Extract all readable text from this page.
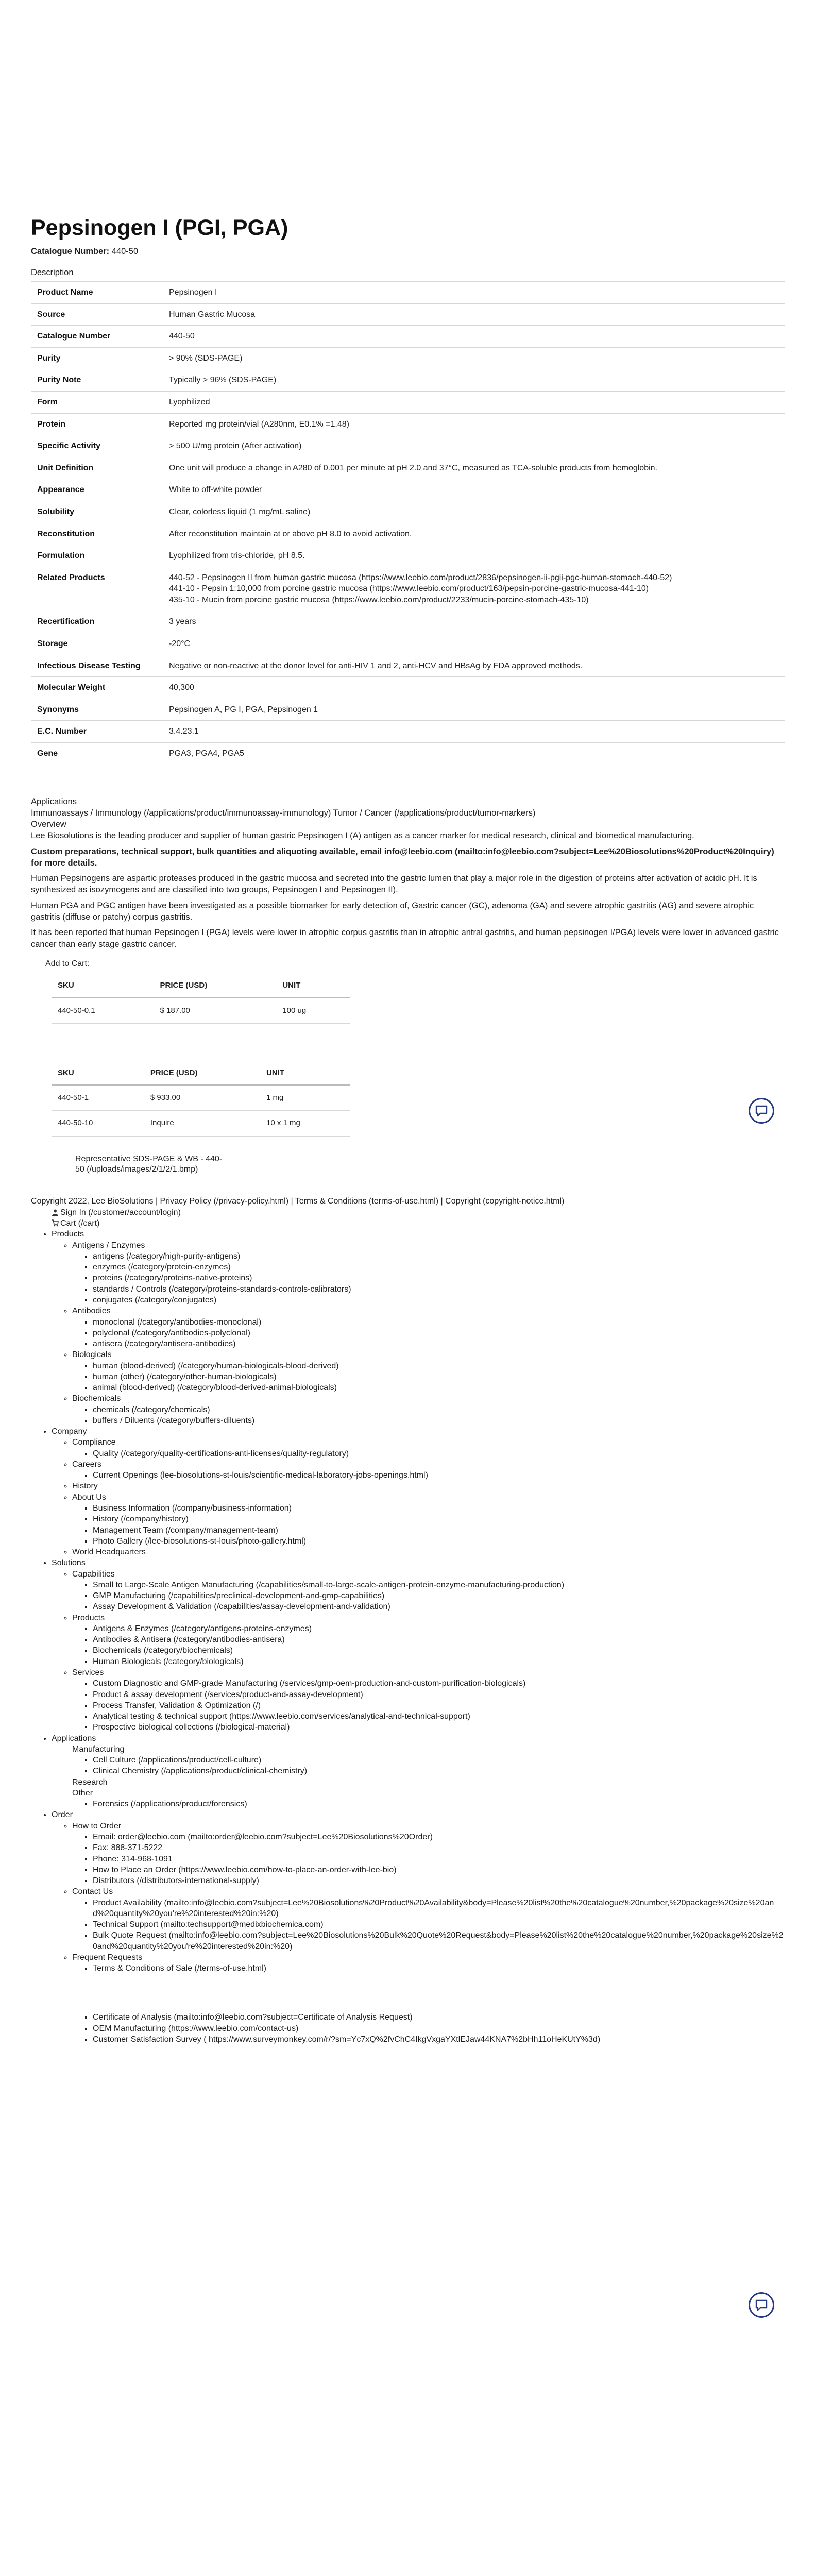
Pepsinogen I (PGI, PGA)
Catalogue Number: 440-50
Description
Product Name	Pepsinogen I
Source	Human Gastric Mucosa
Catalogue Number	440-50
Purity	> 90% (SDS-PAGE)
Purity Note	Typically > 96% (SDS-PAGE)
Form	Lyophilized
Protein	Reported mg protein/vial (A280nm, E0.1% =1.48)
Specific Activity	> 500 U/mg protein (After activation)
Unit Definition	One unit will produce a change in A280 of 0.001 per minute at pH 2.0 and 37°C, measured as TCA-soluble products from hemoglobin.
Appearance	White to off-white powder
Solubility	Clear, colorless liquid (1 mg/mL saline)
Reconstitution	After reconstitution maintain at or above pH 8.0 to avoid activation.
Formulation	Lyophilized from tris-chloride, pH 8.5.
Related Products	440-52 - Pepsinogen II from human gastric mucosa (https://www.leebio.com/product/2836/pepsinogen-ii-pgii-pgc-human-stomach-440-52)
441-10 - Pepsin 1:10,000 from porcine gastric mucosa (https://www.leebio.com/product/163/pepsin-porcine-gastric-mucosa-441-10)
435-10 - Mucin from porcine gastric mucosa (https://www.leebio.com/product/2233/mucin-porcine-stomach-435-10)

Recertification	3 years
Storage	-20°C
Infectious Disease Testing	Negative or non-reactive at the donor level for anti-HIV 1 and 2, anti-HCV and HBsAg by FDA approved methods.
Molecular Weight	40,300
Synonyms	Pepsinogen A, PG I, PGA, Pepsinogen 1
E.C. Number	3.4.23.1
Gene	PGA3, PGA4, PGA5
Applications
Immunoassays / Immunology (/applications/product/immunoassay-immunology) Tumor / Cancer (/applications/product/tumor-markers)
Overview

Lee Biosolutions is the leading producer and supplier of human gastric Pepsinogen I (A) antigen as a cancer marker for medical research, clinical and biomedical manufacturing.

Custom preparations, technical support, bulk quantities and aliquoting available, email info@leebio.com (mailto:info@leebio.com?subject=Lee%20Biosolutions%20Product%20Inquiry) for more details.

Human Pepsinogens are aspartic proteases produced in the gastric mucosa and secreted into the gastric lumen that play a major role in the digestion of proteins after activation of acidic pH. It is synthesized as isozymogens and are classified into two groups, Pepsinogen I and Pepsinogen II).

Human PGA and PGC antigen have been investigated as a possible biomarker for early detection of, Gastric cancer (GC), adenoma (GA) and severe atrophic gastritis (AG) and severe atrophic gastritis (diffuse or patchy) corpus gastritis.

It has been reported that human Pepsinogen I (PGA) levels were lower in atrophic corpus gastritis than in atrophic antral gastritis, and human pepsinogen I/PGA) levels were lower in advanced gastric cancer than early stage gastric cancer.

Add to Cart:
SKU	PRICE (USD)	UNIT
440-50-0.1	$ 187.00	100 ug
SKU	PRICE (USD)	UNIT
440-50-1	$ 933.00	1 mg
440-50-10	Inquire	10 x 1 mg
Representative SDS-PAGE & WB - 440-50 (/uploads/images/2/1/2/1.bmp)
Copyright 2022, Lee BioSolutions | Privacy Policy (/privacy-policy.html) | Terms & Conditions (terms-of-use.html) | Copyright (copyright-notice.html)
Sign In (/customer/account/login)
Cart (/cart)
• Products
◦ Antigens / Enzymes
▪ antigens (/category/high-purity-antigens)
▪ enzymes (/category/protein-enzymes)
▪ proteins (/category/proteins-native-proteins)
▪ standards / Controls (/category/proteins-standards-controls-calibrators)
▪ conjugates (/category/conjugates)
◦ Antibodies
▪ monoclonal (/category/antibodies-monoclonal)
▪ polyclonal (/category/antibodies-polyclonal)
▪ antisera (/category/antisera-antibodies)
◦ Biologicals
▪ human (blood-derived) (/category/human-biologicals-blood-derived)
▪ human (other) (/category/other-human-biologicals)
▪ animal (blood-derived) (/category/blood-derived-animal-biologicals)
◦ Biochemicals
▪ chemicals (/category/chemicals)
▪ buffers / Diluents (/category/buffers-diluents)
• Company
◦ Compliance
▪ Quality (/category/quality-certifications-anti-licenses/quality-regulatory)
◦ Careers
▪ Current Openings (lee-biosolutions-st-louis/scientific-medical-laboratory-jobs-openings.html)
◦ History
◦ About Us
▪ Business Information (/company/business-information)
▪ History (/company/history)
▪ Management Team (/company/management-team)
▪ Photo Gallery (/lee-biosolutions-st-louis/photo-gallery.html)
◦ World Headquarters
• Solutions
◦ Capabilities
▪ Small to Large-Scale Antigen Manufacturing (/capabilities/small-to-large-scale-antigen-protein-enzyme-manufacturing-production)
▪ GMP Manufacturing (/capabilities/preclinical-development-and-gmp-capabilities)
▪ Assay Development & Validation (/capabilities/assay-development-and-validation)
◦ Products
▪ Antigens & Enzymes (/category/antigens-proteins-enzymes)
▪ Antibodies & Antisera (/category/antibodies-antisera)
▪ Biochemicals (/category/biochemicals)
▪ Human Biologicals (/category/biologicals)
◦ Services
▪ Custom Diagnostic and GMP-grade Manufacturing (/services/gmp-oem-production-and-custom-purification-biologicals)
▪ Product & assay development (/services/product-and-assay-development)
▪ Process Transfer, Validation & Optimization (/)
▪ Analytical testing & technical support (https://www.leebio.com/services/analytical-and-technical-support)
▪ Prospective biological collections (/biological-material)
• Applications
Manufacturing
▪ Cell Culture (/applications/product/cell-culture)
▪ Clinical Chemistry (/applications/product/clinical-chemistry)
Research
Other
▪ Forensics (/applications/product/forensics)
• Order
◦ How to Order
▪ Email: order@leebio.com (mailto:order@leebio.com?subject=Lee%20Biosolutions%20Order)
▪ Fax: 888-371-5222
▪ Phone: 314-968-1091
▪ How to Place an Order (https://www.leebio.com/how-to-place-an-order-with-lee-bio)
▪ Distributors (/distributors-international-supply)
◦ Contact Us
▪ Product Availability (mailto:info@leebio.com?subject=Lee%20Biosolutions%20Product%20Availability&body=Please%20list%20the%20catalogue%20number,%20package%20size%20and%20quantity%20you're%20interested%20in:%20)
▪ Technical Support (mailto:techsupport@medixbiochemica.com)
▪ Bulk Quote Request (mailto:info@leebio.com?subject=Lee%20Biosolutions%20Bulk%20Quote%20Request&body=Please%20list%20the%20catalogue%20number,%20package%20size%20and%20quantity%20you're%20interested%20in:%20)
◦ Frequent Requests
▪ Terms & Conditions of Sale (/terms-of-use.html)
▪ Certificate of Analysis (mailto:info@leebio.com?subject=Certificate of Analysis Request)
▪ OEM Manufacturing (https://www.leebio.com/contact-us)
▪ Customer Satisfaction Survey ( https://www.surveymonkey.com/r/?sm=Yc7xQ%2fvChC4IkgVxgaYXtlEJaw44KNA7%2bHh11oHeKUtY%3d)
